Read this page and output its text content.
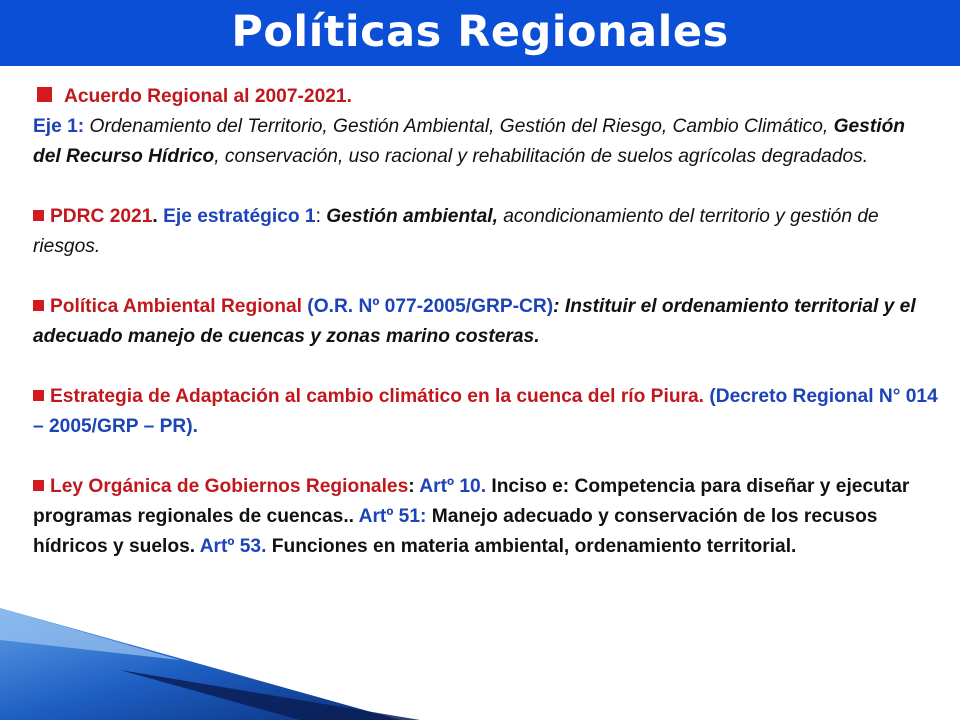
Políticas Regionales
Acuerdo Regional al 2007-2021.
Eje 1: Ordenamiento del Territorio, Gestión Ambiental, Gestión del Riesgo, Cambio Climático, Gestión del Recurso Hídrico, conservación, uso racional y rehabilitación de suelos agrícolas degradados.
PDRC 2021. Eje estratégico 1: Gestión ambiental, acondicionamiento del territorio y gestión de riesgos.
Política Ambiental Regional (O.R. Nº 077-2005/GRP-CR): Instituir el ordenamiento territorial y el adecuado manejo de cuencas y zonas marino costeras.
Estrategia de Adaptación al cambio climático en la cuenca del río Piura. (Decreto Regional N° 014 – 2005/GRP – PR).
Ley Orgánica de Gobiernos Regionales: Artº 10. Inciso e: Competencia para diseñar y ejecutar programas regionales de cuencas.. Artº 51: Manejo adecuado y conservación de los recusos hídricos y suelos. Artº 53. Funciones en materia ambiental, ordenamiento territorial.
